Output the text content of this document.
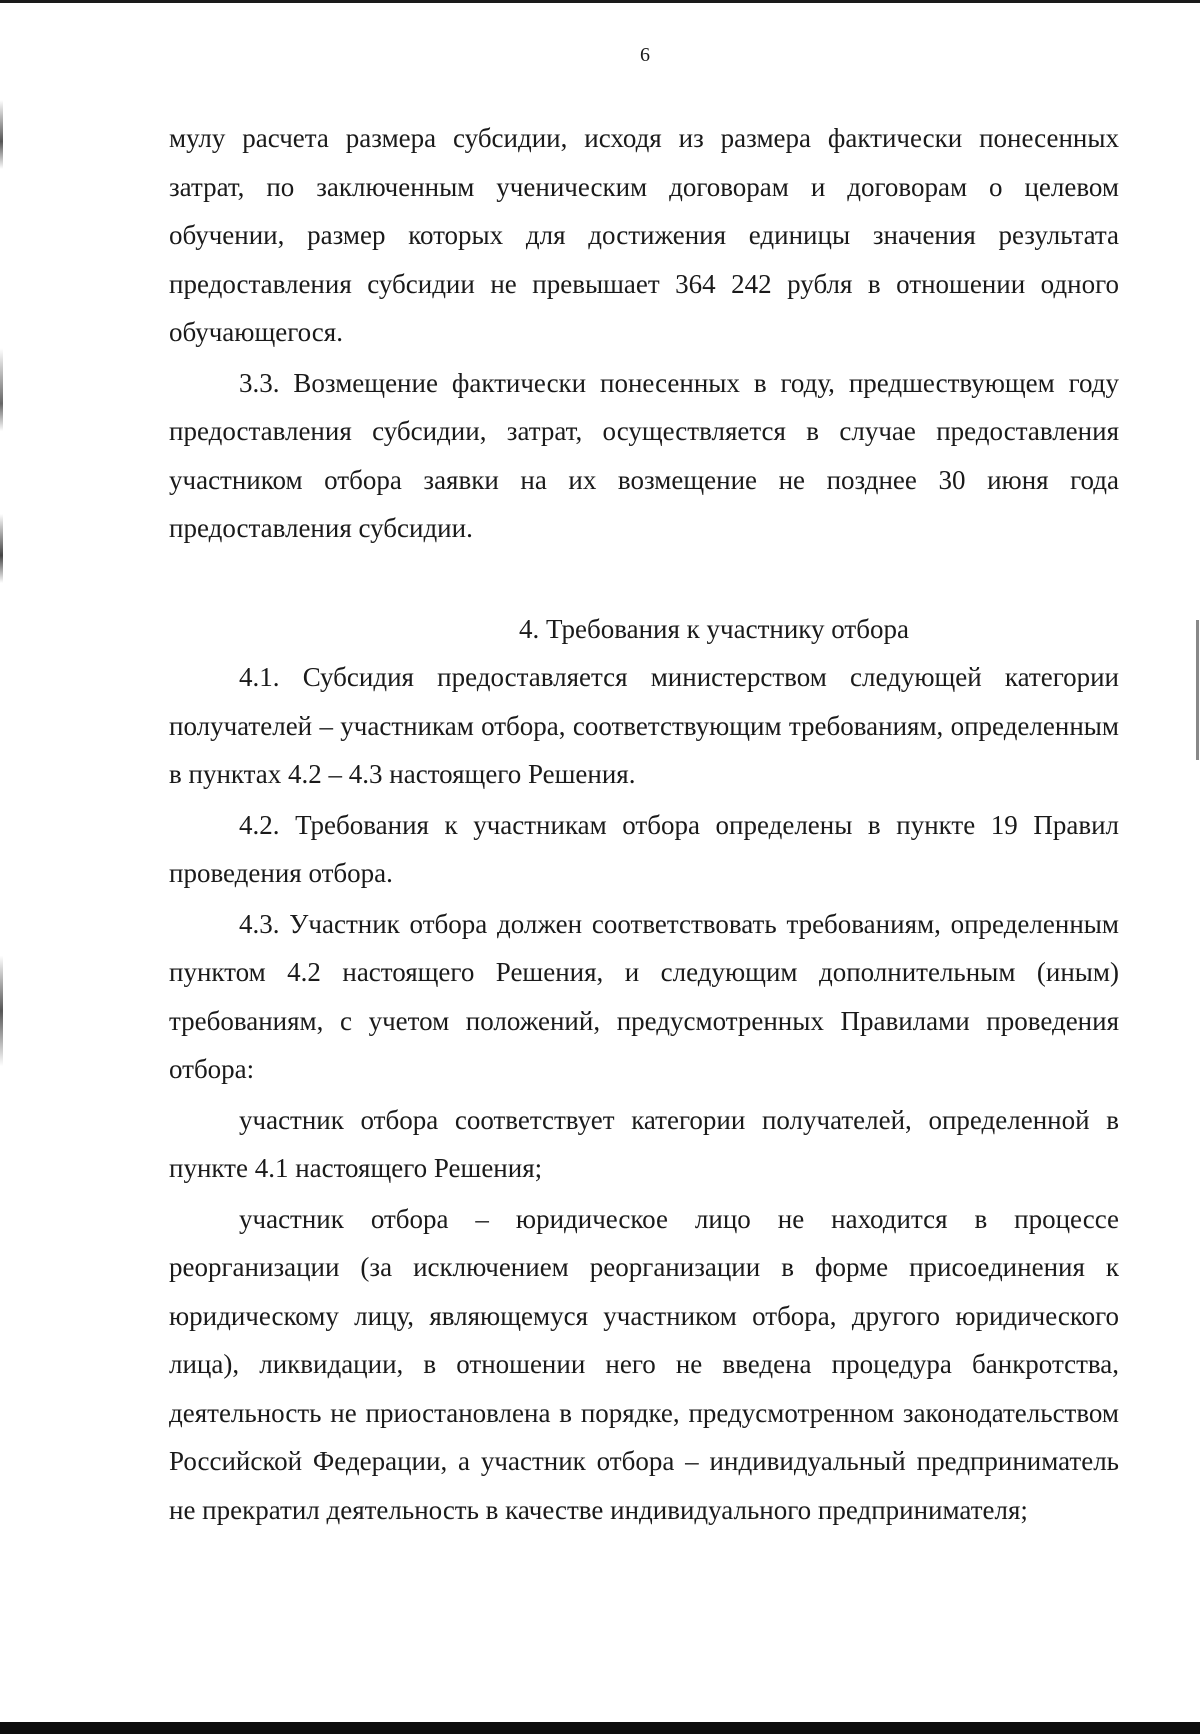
6

мулу расчета размера субсидии, исходя из размера фактически понесенных затрат, по заключенным ученическим договорам и договорам о целевом обучении, размер которых для достижения единицы значения результата предоставления субсидии не превышает 364 242 рубля в отношении одного обучающегося.

3.3. Возмещение фактически понесенных в году, предшествующем году предоставления субсидии, затрат, осуществляется в случае предоставления участником отбора заявки на их возмещение не позднее 30 июня года предоставления субсидии.

4. Требования к участнику отбора

4.1. Субсидия предоставляется министерством следующей категории получателей – участникам отбора, соответствующим требованиям, определенным в пунктах 4.2 – 4.3 настоящего Решения.

4.2. Требования к участникам отбора определены в пункте 19 Правил проведения отбора.

4.3. Участник отбора должен соответствовать требованиям, определенным пунктом 4.2 настоящего Решения, и следующим дополнительным (иным) требованиям, с учетом положений, предусмотренных Правилами проведения отбора:

участник отбора соответствует категории получателей, определенной в пункте 4.1 настоящего Решения;

участник отбора – юридическое лицо не находится в процессе реорганизации (за исключением реорганизации в форме присоединения к юридическому лицу, являющемуся участником отбора, другого юридического лица), ликвидации, в отношении него не введена процедура банкротства, деятельность не приостановлена в порядке, предусмотренном законодательством Российской Федерации, а участник отбора – индивидуальный предприниматель не прекратил деятельность в качестве индивидуального предпринимателя;
